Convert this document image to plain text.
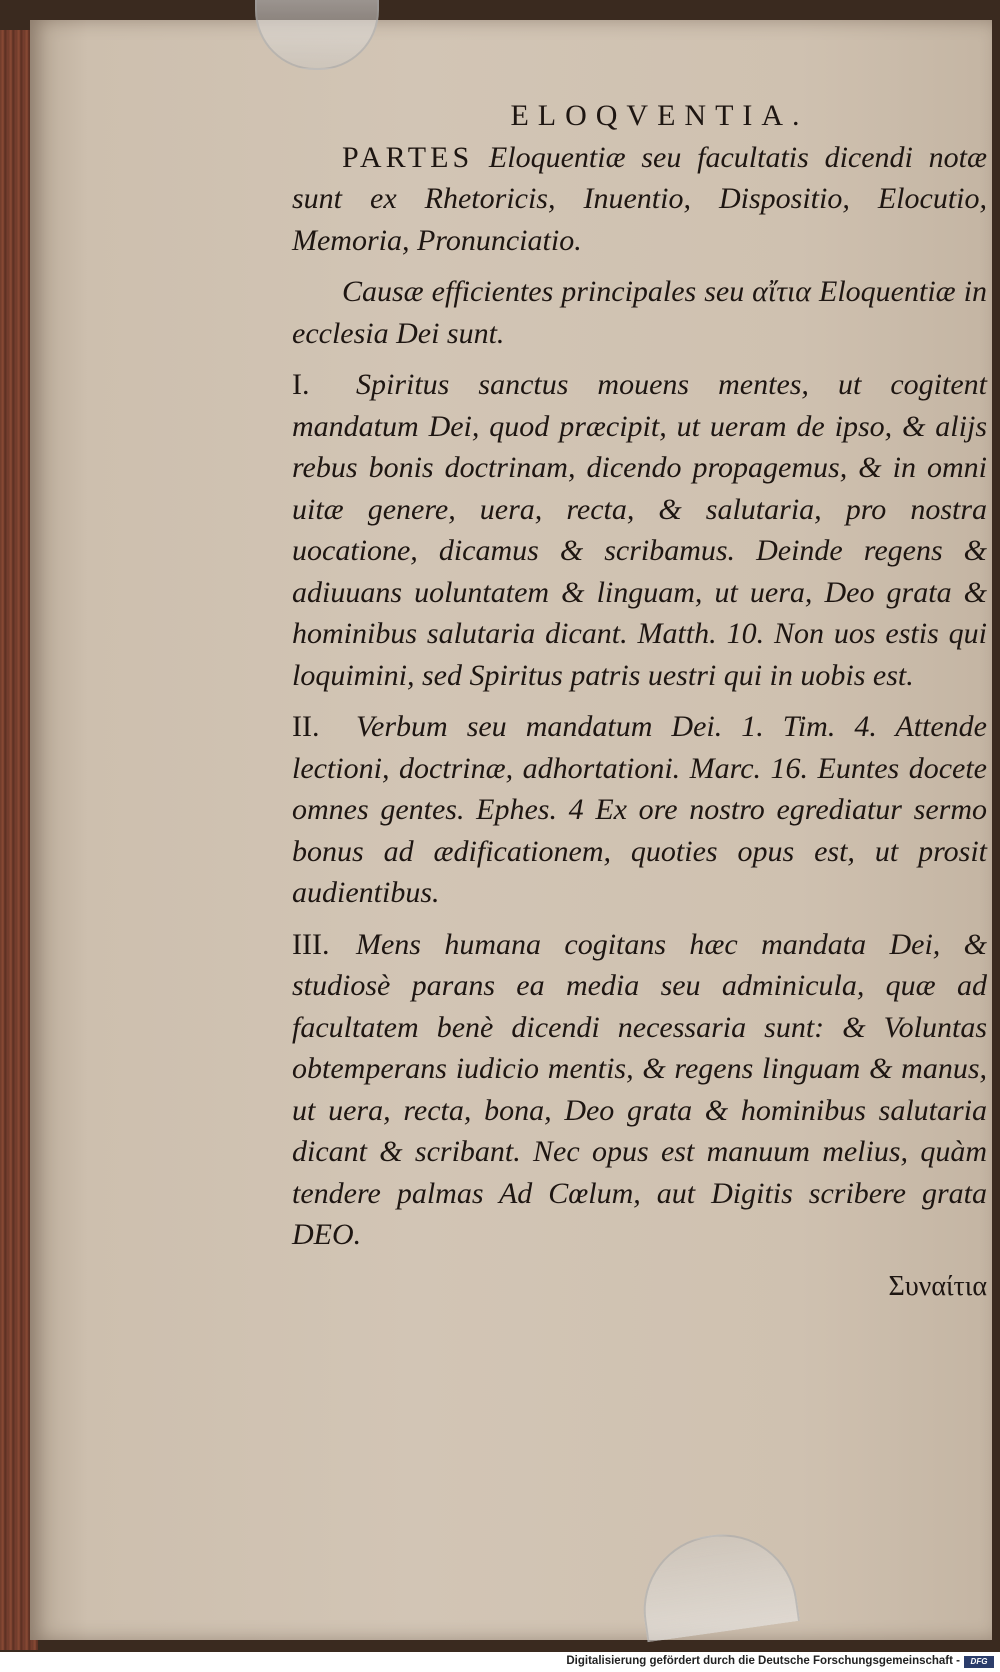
ELOQVENTIA.

PARTES Eloquentiæ seu facultatis dicendi notæ sunt ex Rhetoricis, Inuentio, Dispositio, Elocutio, Memoria, Pronunciatio.

Causæ efficientes principales seu αἴτια Eloquentiæ in ecclesia Dei sunt.

I. Spiritus sanctus mouens mentes, ut cogitent mandatum Dei, quod præcipit, ut ueram de ipso, & alijs rebus bonis doctrinam, dicendo propagemus, & in omni uitæ genere, uera, recta, & salutaria, pro nostra uocatione, dicamus & scribamus. Deinde regens & adiuuans uoluntatem & linguam, ut uera, Deo grata & hominibus salutaria dicant. Matth. 10. Non uos estis qui loquimini, sed Spiritus patris uestri qui in uobis est.

II. Verbum seu mandatum Dei. 1. Tim. 4. Attende lectioni, doctrinæ, adhortationi. Marc. 16. Euntes docete omnes gentes. Ephes. 4 Ex ore nostro egrediatur sermo bonus ad ædificationem, quoties opus est, ut prosit audientibus.

III. Mens humana cogitans hæc mandata Dei, & studiosè parans ea media seu adminicula, quæ ad facultatem benè dicendi necessaria sunt: & Voluntas obtemperans iudicio mentis, & regens linguam & manus, ut uera, recta, bona, Deo grata & hominibus salutaria dicant & scribant. Nec opus est manuum melius, quàm tendere palmas Ad Cœlum, aut Digitis scribere grata DEO.

Συναίτια
Digitalisierung gefördert durch die Deutsche Forschungsgemeinschaft -	DFG
